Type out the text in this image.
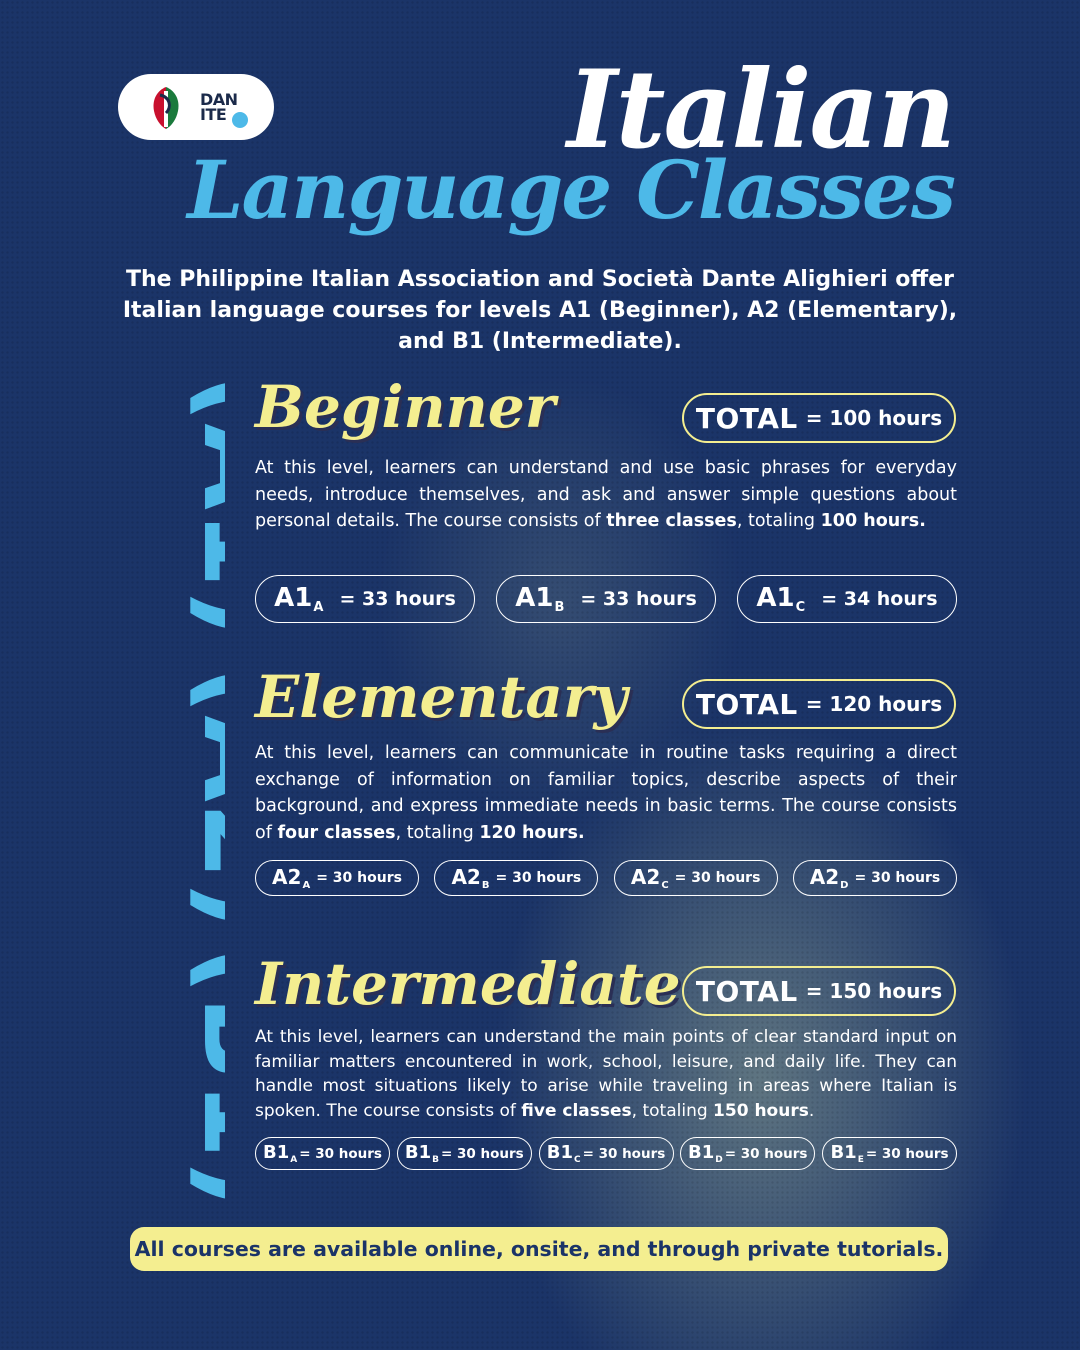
DAN
ITE	Italian
Language Classes

The Philippine Italian Association and Società Dante Alighieri offer Italian language courses for levels A1 (Beginner), A2 (Elementary), and B1 (Intermediate).

(A1)
(A2)
(B1)
Beginner	TOTAL = 100 hours

At this level, learners can understand and use basic phrases for everyday needs, introduce themselves, and ask and answer simple questions about personal details. The course consists of three classes, totaling 100 hours.

$A1_A = 33$ hours $A1_B = 33$ hours $A1_C = 34$ hours
Elementary TOTAL = 120 hours

At this level, learners can communicate in routine tasks requiring a direct exchange of information on familiar topics, describe aspects of their background, and express immediate needs in basic terms. The course consists of four classes, totaling 120 hours.

$A2_A = 30$ hours $A2_B = 30$ hours $A2_C = 30$ hours $A2_D = 30$ hours
Intermediate TOTAL = 150 hours

At this level, learners can understand the main points of clear standard input on familiar matters encountered in work, school, leisure, and daily life. They can handle most situations likely to arise while traveling in areas where Italian is spoken. The course consists of five classes, totaling 150 hours.

$B1_A = 30$ hours $B1_B = 30$ hours $B1_C = 30$ hours $B1_D = 30$ hours $B1_E = 30$ hours

All courses are available online, onsite, and through private tutorials.
